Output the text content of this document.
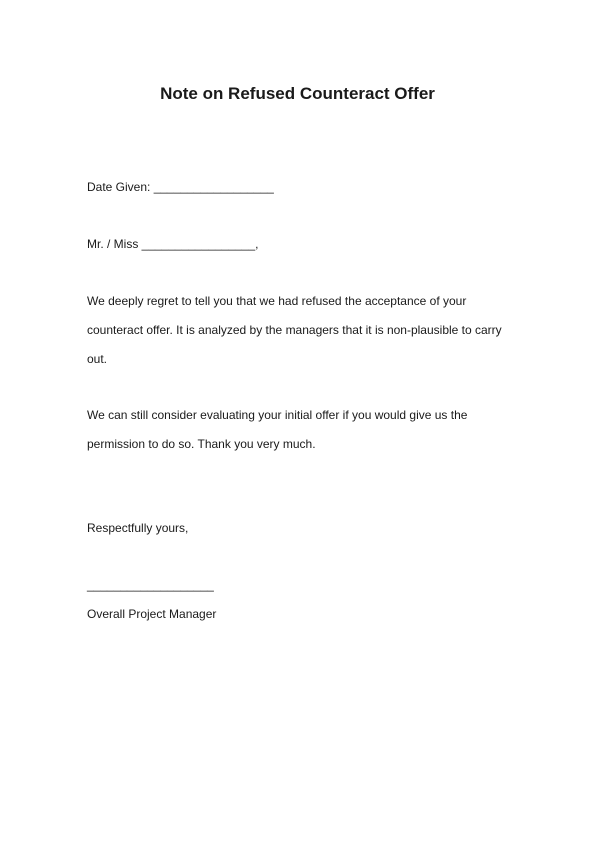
Note on Refused Counteract Offer
Date Given: __________________
Mr. / Miss _________________,
We deeply regret to tell you that we had refused the acceptance of your
counteract offer. It is analyzed by the managers that it is non-plausible to carry
out.
We can still consider evaluating your initial offer if you would give us the
permission to do so. Thank you very much.
Respectfully yours,
___________________
Overall Project Manager
